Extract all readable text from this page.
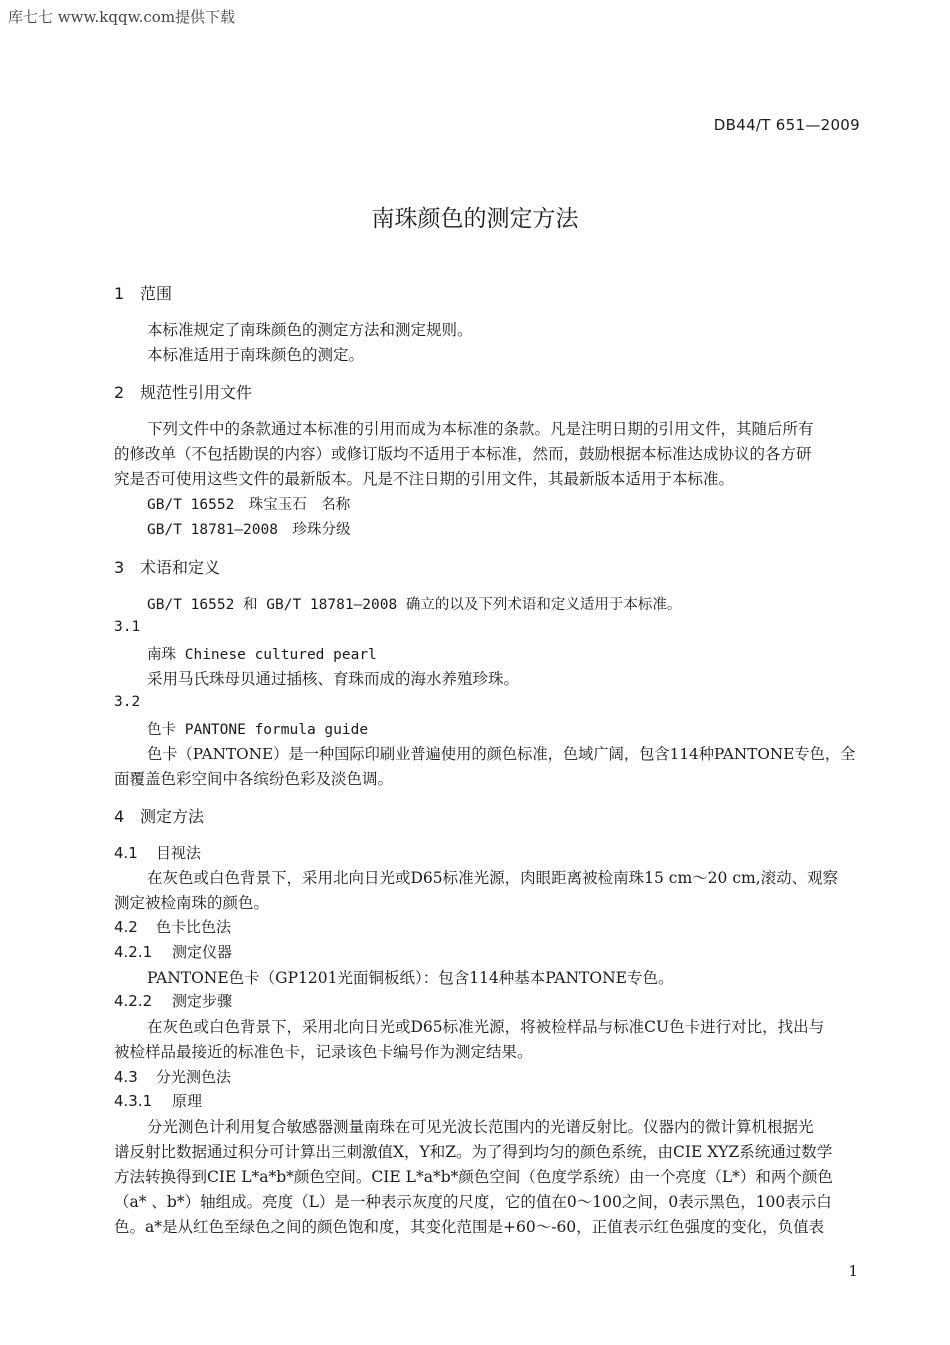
库七七 www.kqqw.com提供下载
DB44/T 651—2009
南珠颜色的测定方法
1 范围
本标准规定了南珠颜色的测定方法和测定规则。
本标准适用于南珠颜色的测定。
2 规范性引用文件
下列文件中的条款通过本标准的引用而成为本标准的条款。凡是注明日期的引用文件，其随后所有
的修改单（不包括勘误的内容）或修订版均不适用于本标准，然而，鼓励根据本标准达成协议的各方研
究是否可使用这些文件的最新版本。凡是不注日期的引用文件，其最新版本适用于本标准。
GB/T 16552　珠宝玉石　名称
GB/T 18781—2008　珍珠分级
3 术语和定义
GB/T 16552 和 GB/T 18781—2008 确立的以及下列术语和定义适用于本标准。
3.1
南珠 Chinese cultured pearl
采用马氏珠母贝通过插核、育珠而成的海水养殖珍珠。
3.2
色卡 PANTONE formula guide
色卡（PANTONE）是一种国际印刷业普遍使用的颜色标准，色域广阔，包含114种PANTONE专色，全
面覆盖色彩空间中各缤纷色彩及淡色调。
4 测定方法
4.1 目视法
在灰色或白色背景下，采用北向日光或D65标准光源，肉眼距离被检南珠15 cm～20 cm,滚动、观察
测定被检南珠的颜色。
4.2 色卡比色法
4.2.1 测定仪器
PANTONE色卡（GP1201光面铜板纸）：包含114种基本PANTONE专色。
4.2.2 测定步骤
在灰色或白色背景下，采用北向日光或D65标准光源，将被检样品与标准CU色卡进行对比，找出与
被检样品最接近的标准色卡，记录该色卡编号作为测定结果。
4.3 分光测色法
4.3.1 原理
分光测色计利用复合敏感器测量南珠在可见光波长范围内的光谱反射比。仪器内的微计算机根据光
谱反射比数据通过积分可计算出三刺激值X，Y和Z。为了得到均匀的颜色系统，由CIE XYZ系统通过数学
方法转换得到CIE L*a*b*颜色空间。CIE L*a*b*颜色空间（色度学系统）由一个亮度（L*）和两个颜色
（a* 、b*）轴组成。亮度（L）是一种表示灰度的尺度，它的值在0～100之间，0表示黑色，100表示白
色。a*是从红色至绿色之间的颜色饱和度，其变化范围是+60～-60，正值表示红色强度的变化，负值表
1
